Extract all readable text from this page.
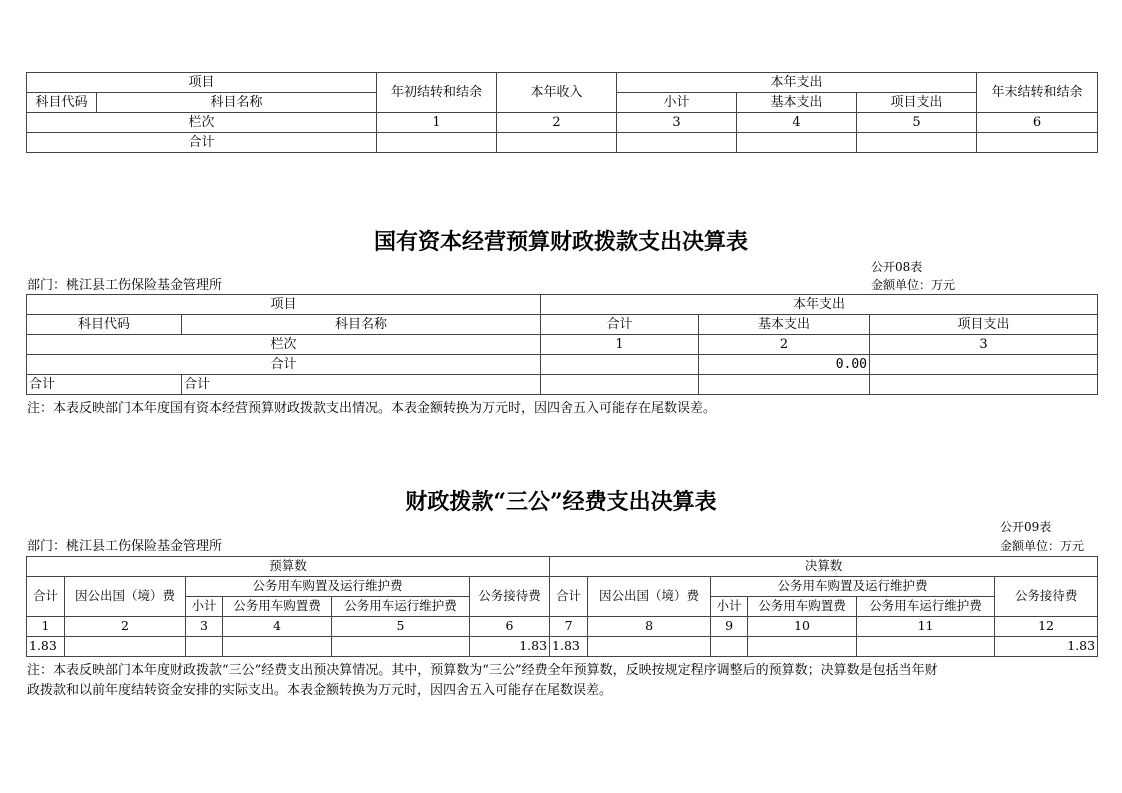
项目		年初结转和结余	本年收入	本年支出			年末结转和结余
科目代码	科目名称			小计	基本支出	项目支出	
栏次		1	2	3	4	5	6
合计							
国有资本经营预算财政拨款支出决算表
公开08表
部门：桃江县工伤保险基金管理所	金额单位：万元
项目		本年支出		
科目代码	科目名称	合计	基本支出	项目支出
栏次		1	2	3
合计			0.00	
合计	合计			
注：本表反映部门本年度国有资本经营预算财政拨款支出情况。本表金额转换为万元时，因四舍五入可能存在尾数误差。
财政拨款“三公”经费支出决算表
公开09表
部门：桃江县工伤保险基金管理所	金额单位：万元
预算数						决算数					
合计	因公出国（境）费	公务用车购置及运行维护费			公务接待费	合计	因公出国（境）费	公务用车购置及运行维护费			公务接待费
		小计	公务用车购置费	公务用车运行维护费				小计	公务用车购置费	公务用车运行维护费	
1	2	3	4	5	6	7	8	9	10	11	12
1.83					1.83	1.83					1.83
注：本表反映部门本年度财政拨款“三公”经费支出预决算情况。其中，预算数为“三公”经费全年预算数，反映按规定程序调整后的预算数；决算数是包括当年财
政拨款和以前年度结转资金安排的实际支出。本表金额转换为万元时，因四舍五入可能存在尾数误差。
